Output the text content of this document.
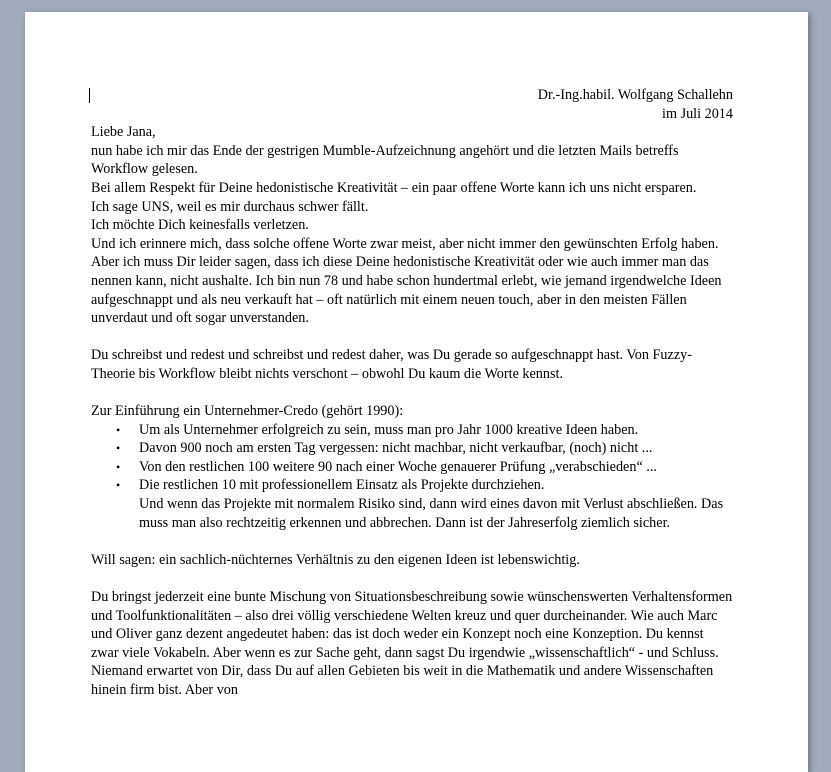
Dr.-Ing.habil. Wolfgang Schallehn
im Juli 2014

Liebe Jana,

nun habe ich mir das Ende der gestrigen Mumble-Aufzeichnung angehört und die letzten Mails betreffs Workflow gelesen.

Bei allem Respekt für Deine hedonistische Kreativität – ein paar offene Worte kann ich uns nicht ersparen.

Ich sage UNS, weil es mir durchaus schwer fällt.

Ich möchte Dich keinesfalls verletzen.

Und ich erinnere mich, dass solche offene Worte zwar meist, aber nicht immer den gewünschten Erfolg haben.

Aber ich muss Dir leider sagen, dass ich diese Deine hedonistische Kreativität oder wie auch immer man das nennen kann, nicht aushalte. Ich bin nun 78 und habe schon hundertmal erlebt, wie jemand irgendwelche Ideen aufgeschnappt und als neu verkauft hat – oft natürlich mit einem neuen touch, aber in den meisten Fällen unverdaut und oft sogar unverstanden.

Du schreibst und redest und schreibst und redest daher, was Du gerade so aufgeschnappt hast. Von Fuzzy-Theorie bis Workflow bleibt nichts verschont – obwohl Du kaum die Worte kennst.

Zur Einführung ein Unternehmer-Credo (gehört 1990):

• Um als Unternehmer erfolgreich zu sein, muss man pro Jahr 1000 kreative Ideen haben.
• Davon 900 noch am ersten Tag vergessen: nicht machbar, nicht verkaufbar, (noch) nicht ...
• Von den restlichen 100 weitere 90 nach einer Woche genauerer Prüfung „verabschieden“ ...
• Die restlichen 10 mit professionellem Einsatz als Projekte durchziehen.
Und wenn das Projekte mit normalem Risiko sind, dann wird eines davon mit Verlust abschließen. Das muss man also rechtzeitig erkennen und abbrechen. Dann ist der Jahreserfolg ziemlich sicher.

Will sagen: ein sachlich-nüchternes Verhältnis zu den eigenen Ideen ist lebenswichtig.

Du bringst jederzeit eine bunte Mischung von Situationsbeschreibung sowie wünschenswerten Verhaltensformen und Toolfunktionalitäten – also drei völlig verschiedene Welten kreuz und quer durcheinander. Wie auch Marc und Oliver ganz dezent angedeutet haben: das ist doch weder ein Konzept noch eine Konzeption. Du kennst zwar viele Vokabeln. Aber wenn es zur Sache geht, dann sagst Du irgendwie „wissenschaftlich“ - und Schluss. Niemand erwartet von Dir, dass Du auf allen Gebieten bis weit in die Mathematik und andere Wissenschaften hinein firm bist. Aber von
